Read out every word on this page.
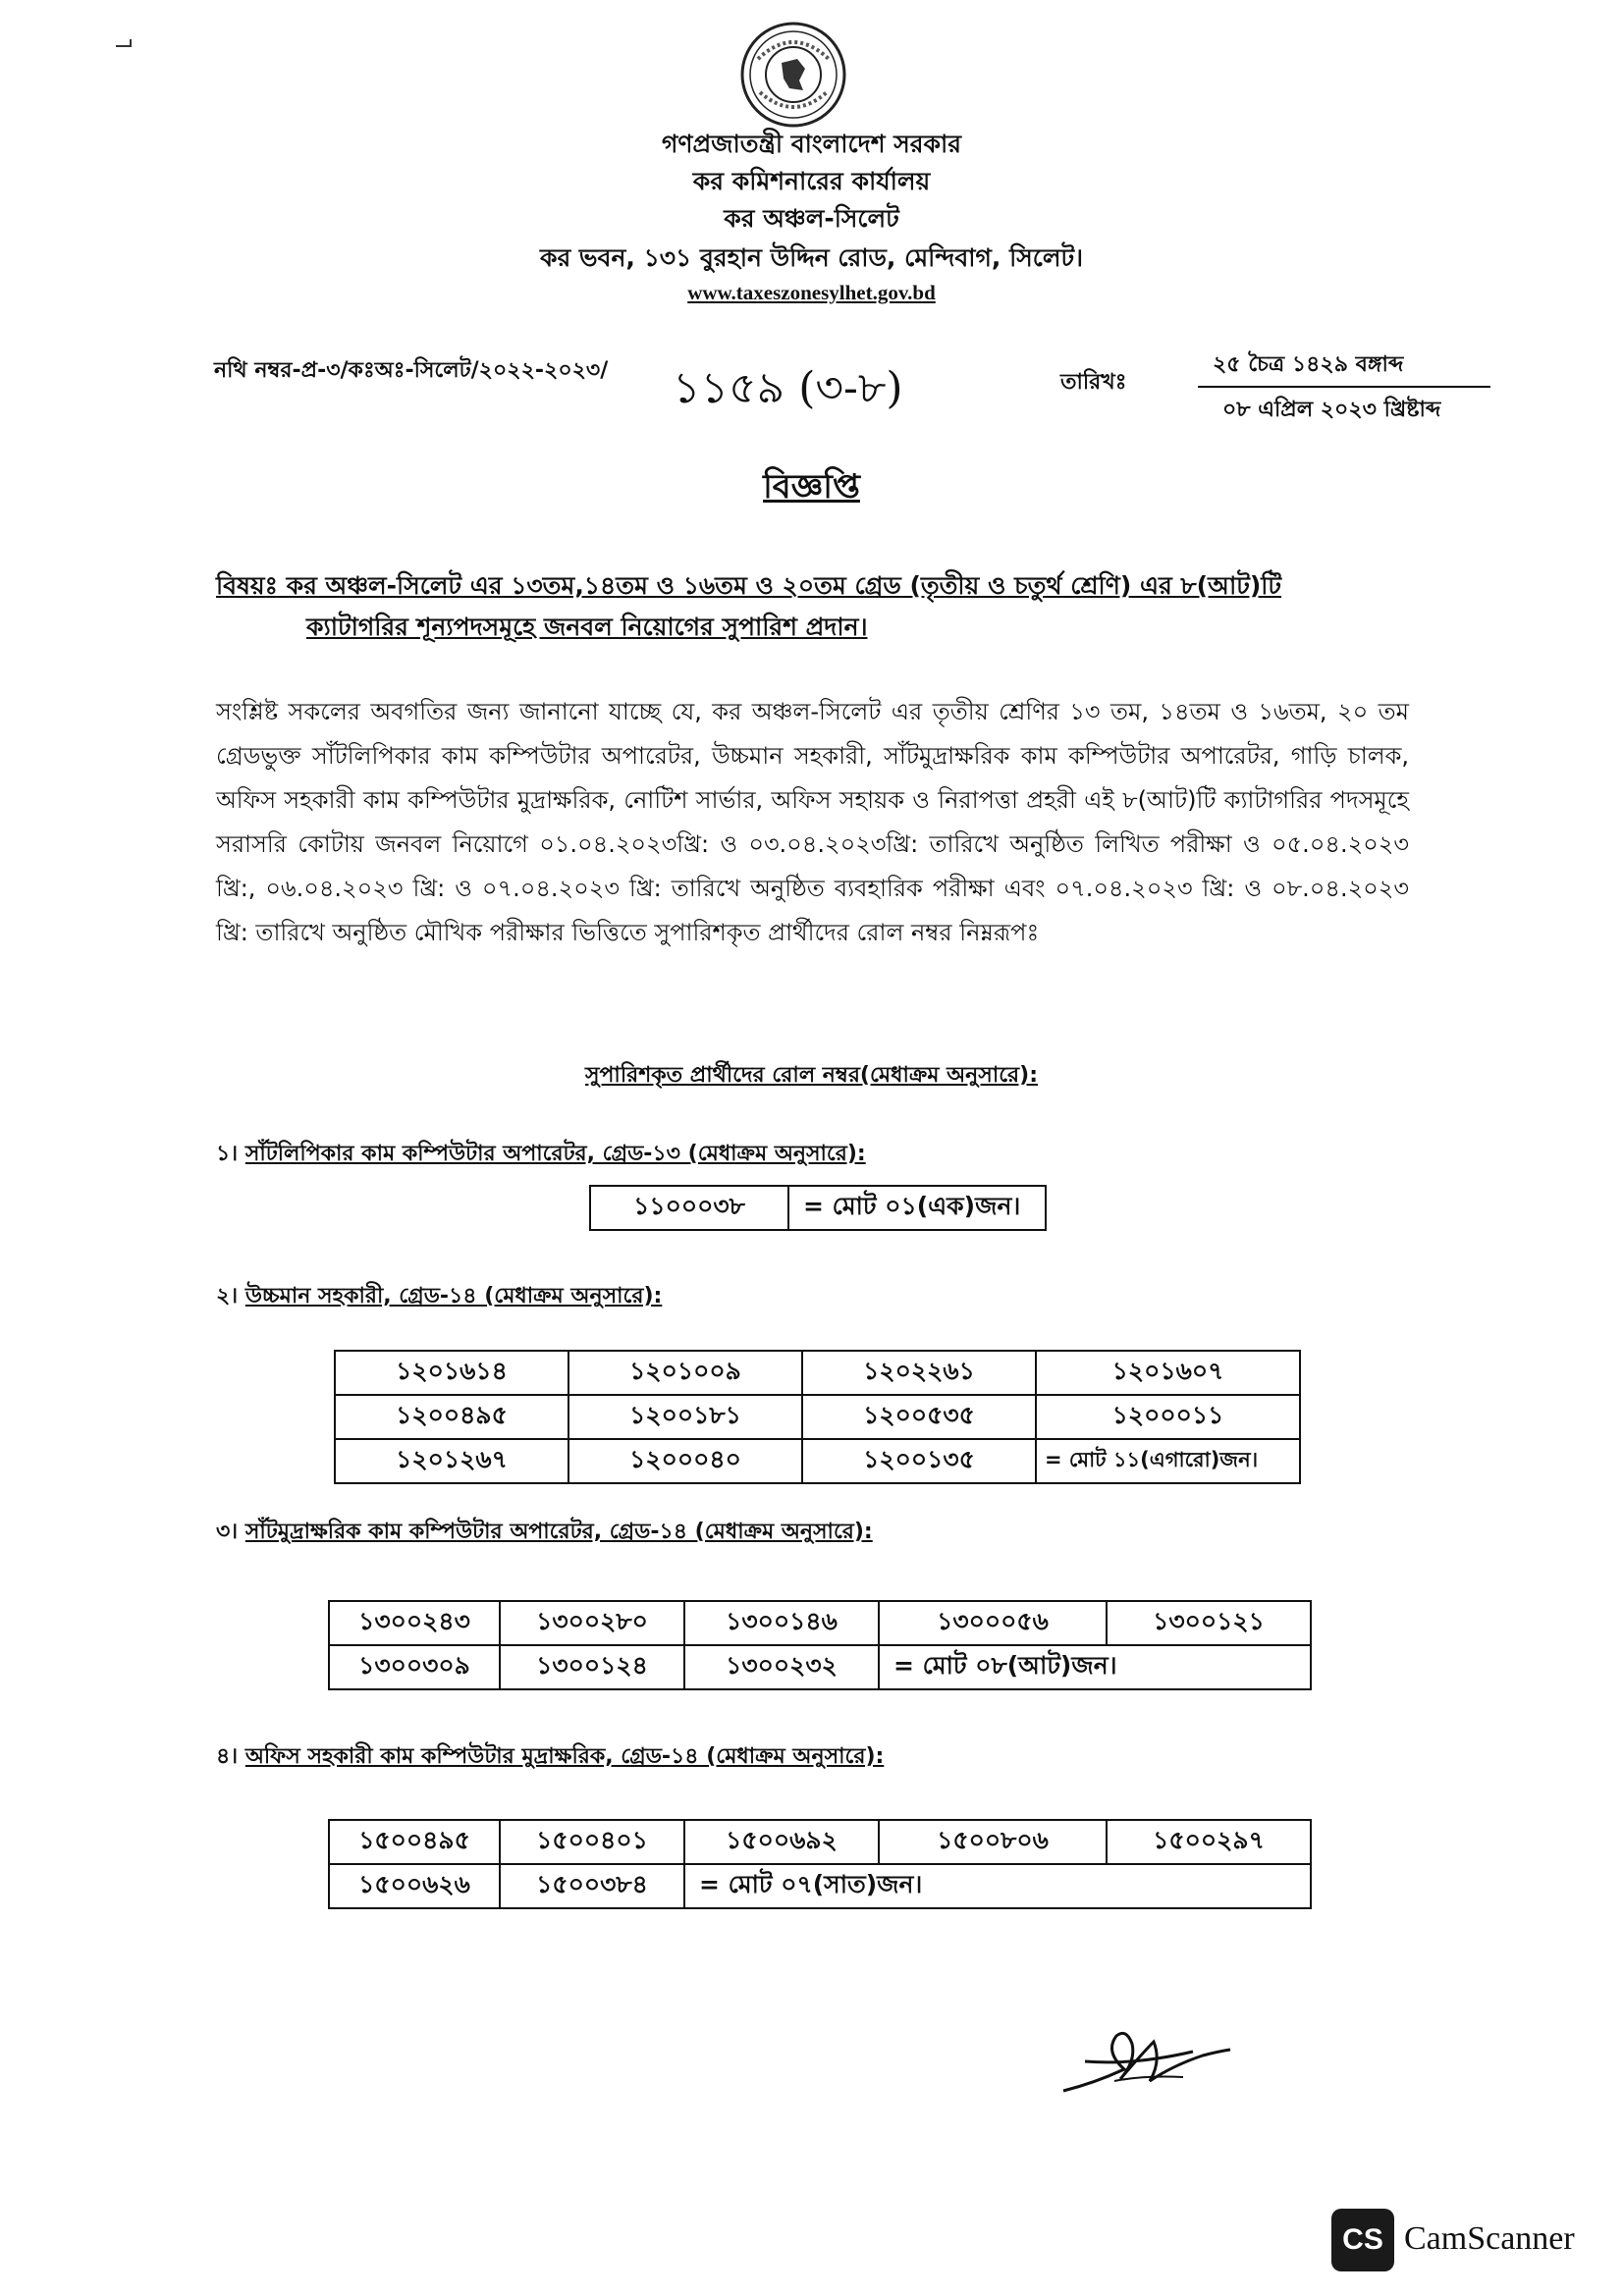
গণপ্রজাতন্ত্রী বাংলাদেশ সরকার
কর কমিশনারের কার্যালয়
কর অঞ্চল-সিলেট
কর ভবন, ১৩১ বুরহান উদ্দিন রোড, মেন্দিবাগ, সিলেট।
www.taxeszonesylhet.gov.bd
নথি নম্বর-প্র-৩/কঃঅঃ-সিলেট/২০২২-২০২৩/ ১১৫৯ (৩-৮)	তারিখঃ
২৫ চৈত্র ১৪২৯ বঙ্গাব্দ
০৮ এপ্রিল ২০২৩ খ্রিষ্টাব্দ
বিজ্ঞপ্তি
বিষয়ঃ কর অঞ্চল-সিলেট এর ১৩তম,১৪তম ও ১৬তম ও ২০তম গ্রেড (তৃতীয় ও চতুর্থ শ্রেণি) এর ৮(আট)টি
ক্যাটাগরির শূন্যপদসমূহে জনবল নিয়োগের সুপারিশ প্রদান।
সংশ্লিষ্ট সকলের অবগতির জন্য জানানো যাচ্ছে যে, কর অঞ্চল-সিলেট এর তৃতীয় শ্রেণির ১৩ তম, ১৪তম ও ১৬তম, ২০ তম গ্রেডভুক্ত সাঁটলিপিকার কাম কম্পিউটার অপারেটর, উচ্চমান সহকারী, সাঁটমুদ্রাক্ষরিক কাম কম্পিউটার অপারেটর, গাড়ি চালক, অফিস সহকারী কাম কম্পিউটার মুদ্রাক্ষরিক, নোটিশ সার্ভার, অফিস সহায়ক ও নিরাপত্তা প্রহরী এই ৮(আট)টি ক্যাটাগরির পদসমূহে সরাসরি কোটায় জনবল নিয়োগে ০১.০৪.২০২৩খ্রি: ও ০৩.০৪.২০২৩খ্রি: তারিখে অনুষ্ঠিত লিখিত পরীক্ষা ও ০৫.০৪.২০২৩ খ্রি:, ০৬.০৪.২০২৩ খ্রি: ও ০৭.০৪.২০২৩ খ্রি: তারিখে অনুষ্ঠিত ব্যবহারিক পরীক্ষা এবং ০৭.০৪.২০২৩ খ্রি: ও ০৮.০৪.২০২৩ খ্রি: তারিখে অনুষ্ঠিত মৌখিক পরীক্ষার ভিত্তিতে সুপারিশকৃত প্রার্থীদের রোল নম্বর নিম্নরূপঃ
সুপারিশকৃত প্রার্থীদের রোল নম্বর(মেধাক্রম অনুসারে):
১। সাঁটলিপিকার কাম কম্পিউটার অপারেটর, গ্রেড-১৩ (মেধাক্রম অনুসারে):
১১০০০৩৮	= মোট ০১(এক)জন।
২। উচ্চমান সহকারী, গ্রেড-১৪ (মেধাক্রম অনুসারে):
১২০১৬১৪	১২০১০০৯	১২০২২৬১	১২০১৬০৭
১২০০৪৯৫	১২০০১৮১	১২০০৫৩৫	১২০০০১১
১২০১২৬৭	১২০০০৪০	১২০০১৩৫	= মোট ১১(এগারো)জন।
৩। সাঁটমুদ্রাক্ষরিক কাম কম্পিউটার অপারেটর, গ্রেড-১৪ (মেধাক্রম অনুসারে):
১৩০০২৪৩	১৩০০২৮০	১৩০০১৪৬	১৩০০০৫৬	১৩০০১২১
১৩০০৩০৯	১৩০০১২৪	১৩০০২৩২	= মোট ০৮(আট)জন।	
৪। অফিস সহকারী কাম কম্পিউটার মুদ্রাক্ষরিক, গ্রেড-১৪ (মেধাক্রম অনুসারে):
১৫০০৪৯৫	১৫০০৪০১	১৫০০৬৯২	১৫০০৮০৬	১৫০০২৯৭
১৫০০৬২৬	১৫০০৩৮৪	= মোট ০৭(সাত)জন।		
CS CamScanner
